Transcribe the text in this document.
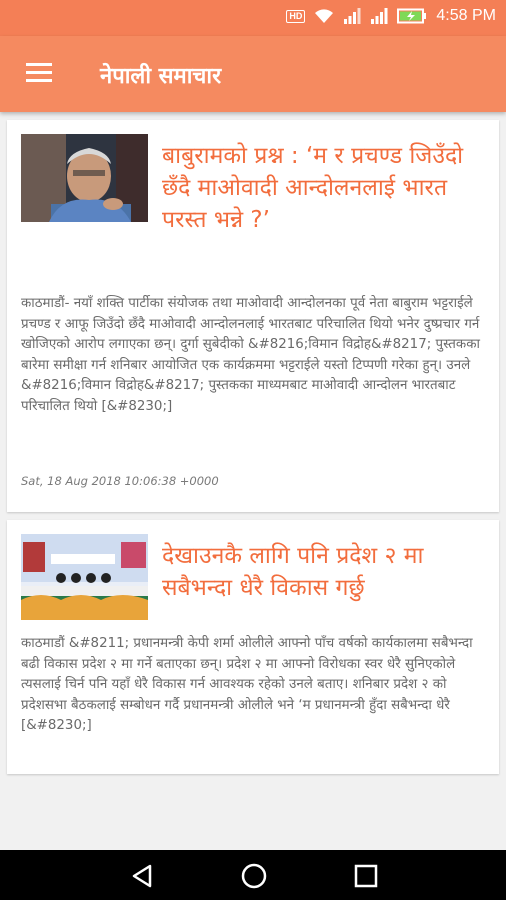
HD	4:58 PM
नेपाली समाचार

बाबुरामको प्रश्न : ‘म र प्रचण्ड जिउँदो छँदै माओवादी आन्दोलनलाई भारत परस्त भन्ने ?’

काठमाडौं- नयाँ शक्ति पार्टीका संयोजक तथा माओवादी आन्दोलनका पूर्व नेता बाबुराम भट्टराईले प्रचण्ड र आफू जिउँदो छँदै माओवादी आन्दोलनलाई भारतबाट परिचालित थियो भनेर दुष्प्रचार गर्न खोजिएको आरोप लगाएका छन्। दुर्गा सुबेदीको &#8216;विमान विद्रोह&#8217; पुस्तकका बारेमा समीक्षा गर्न शनिबार आयोजित एक कार्यक्रममा भट्टराईले यस्तो टिप्पणी गरेका हुन्। उनले &#8216;विमान विद्रोह&#8217; पुस्तकका माध्यमबाट माओवादी आन्दोलन भारतबाट परिचालित थियो [&#8230;]

Sat, 18 Aug 2018 10:06:38 +0000

देखाउनकै लागि पनि प्रदेश २ मा सबैभन्दा धेरै विकास गर्छु

काठमाडौं &#8211; प्रधानमन्त्री केपी शर्मा ओलीले आफ्नो पाँच वर्षको कार्यकालमा सबैभन्दा बढी विकास प्रदेश २ मा गर्ने बताएका छन्। प्रदेश २ मा आफ्नो विरोधका स्वर धेरै सुनिएकोले त्यसलाई चिर्न पनि यहाँ धेरै विकास गर्न आवश्यक रहेको उनले बताए। शनिबार प्रदेश २ को प्रदेशसभा बैठकलाई सम्बोधन गर्दै प्रधानमन्त्री ओलीले भने ‘म प्रधानमन्त्री हुँदा सबैभन्दा धेरै [&#8230;]
